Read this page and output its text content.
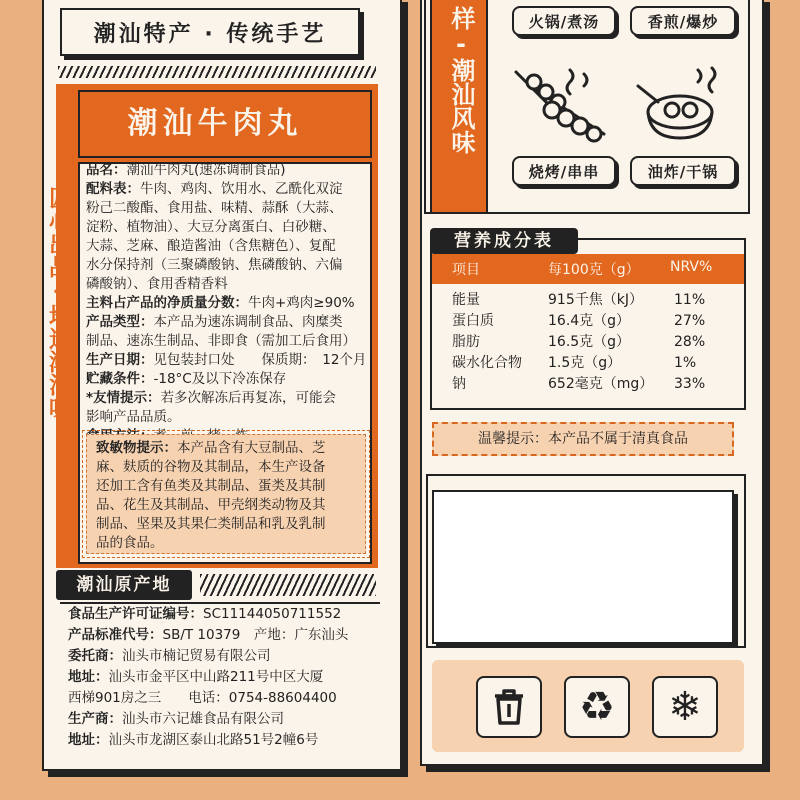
潮汕特产 · 传统手艺
匠心出品-地道潮汕味
潮汕牛肉丸
品名：潮汕牛肉丸(速冻调制食品)
配料表：牛肉、鸡肉、饮用水、乙酰化双淀
粉己二酸酯、食用盐、味精、蒜酥（大蒜、
淀粉、植物油）、大豆分离蛋白、白砂糖、
大蒜、芝麻、酿造酱油（含焦糖色）、复配
水分保持剂（三聚磷酸钠、焦磷酸钠、六偏
磷酸钠）、食用香精香料
主料占产品的净质量分数：牛肉+鸡肉≥90%
产品类型：本产品为速冻调制食品、肉糜类
制品、速冻生制品、非即食（需加工后食用）
生产日期：见包装封口处　　保质期：　12个月
贮藏条件：-18°C及以下冷冻保存
*友情提示：若多次解冻后再复冻，可能会
影响产品品质。
致敏物提示：本产品含有大豆制品、芝
麻、麸质的谷物及其制品，本生产设备
还加工含有鱼类及其制品、蛋类及其制
品、花生及其制品、甲壳纲类动物及其
制品、坚果及其果仁类制品和乳及乳制
品的食品。
潮汕原产地
食品生产许可证编号：SC11144050711552
产品标准代号：SB/T 10379　产地：广东汕头
委托商：汕头市楠记贸易有限公司
地址：汕头市金平区中山路211号中区大厦
西梯901房之三　　电话：0754-88604400
生产商：汕头市六记雄食品有限公司
地址：汕头市龙湖区泰山北路51号2幢6号
样-潮汕风味	火锅/煮汤	香煎/爆炒
烧烤/串串	油炸/干锅
营养成分表
项目	每100克（g） NRV%
能量	915千焦（kJ） 11%
蛋白质	16.4克（g）	27%
脂肪	16.5克（g）	28%
碳水化合物 1.5克（g）	1%
钠	652毫克（mg） 33%
温馨提示：本产品不属于清真食品
♻ ❄
